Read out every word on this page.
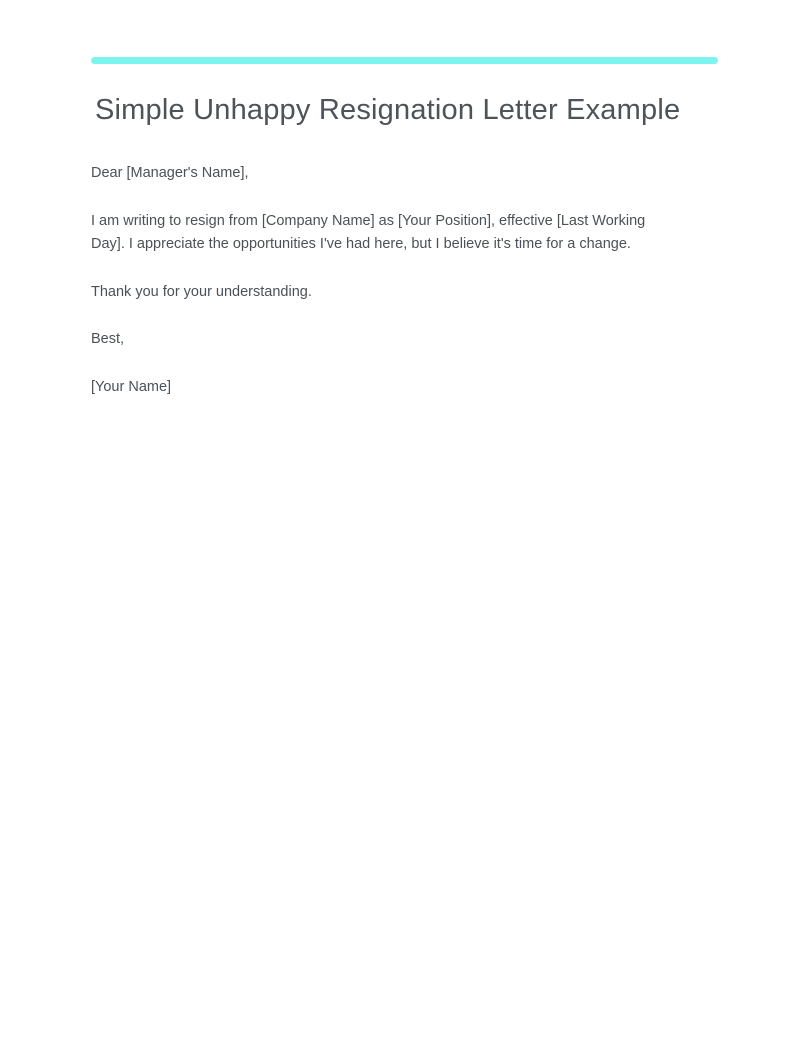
Simple Unhappy Resignation Letter Example

Dear [Manager's Name],

I am writing to resign from [Company Name] as [Your Position], effective [Last Working Day]. I appreciate the opportunities I've had here, but I believe it's time for a change.

Thank you for your understanding.

Best,

[Your Name]
